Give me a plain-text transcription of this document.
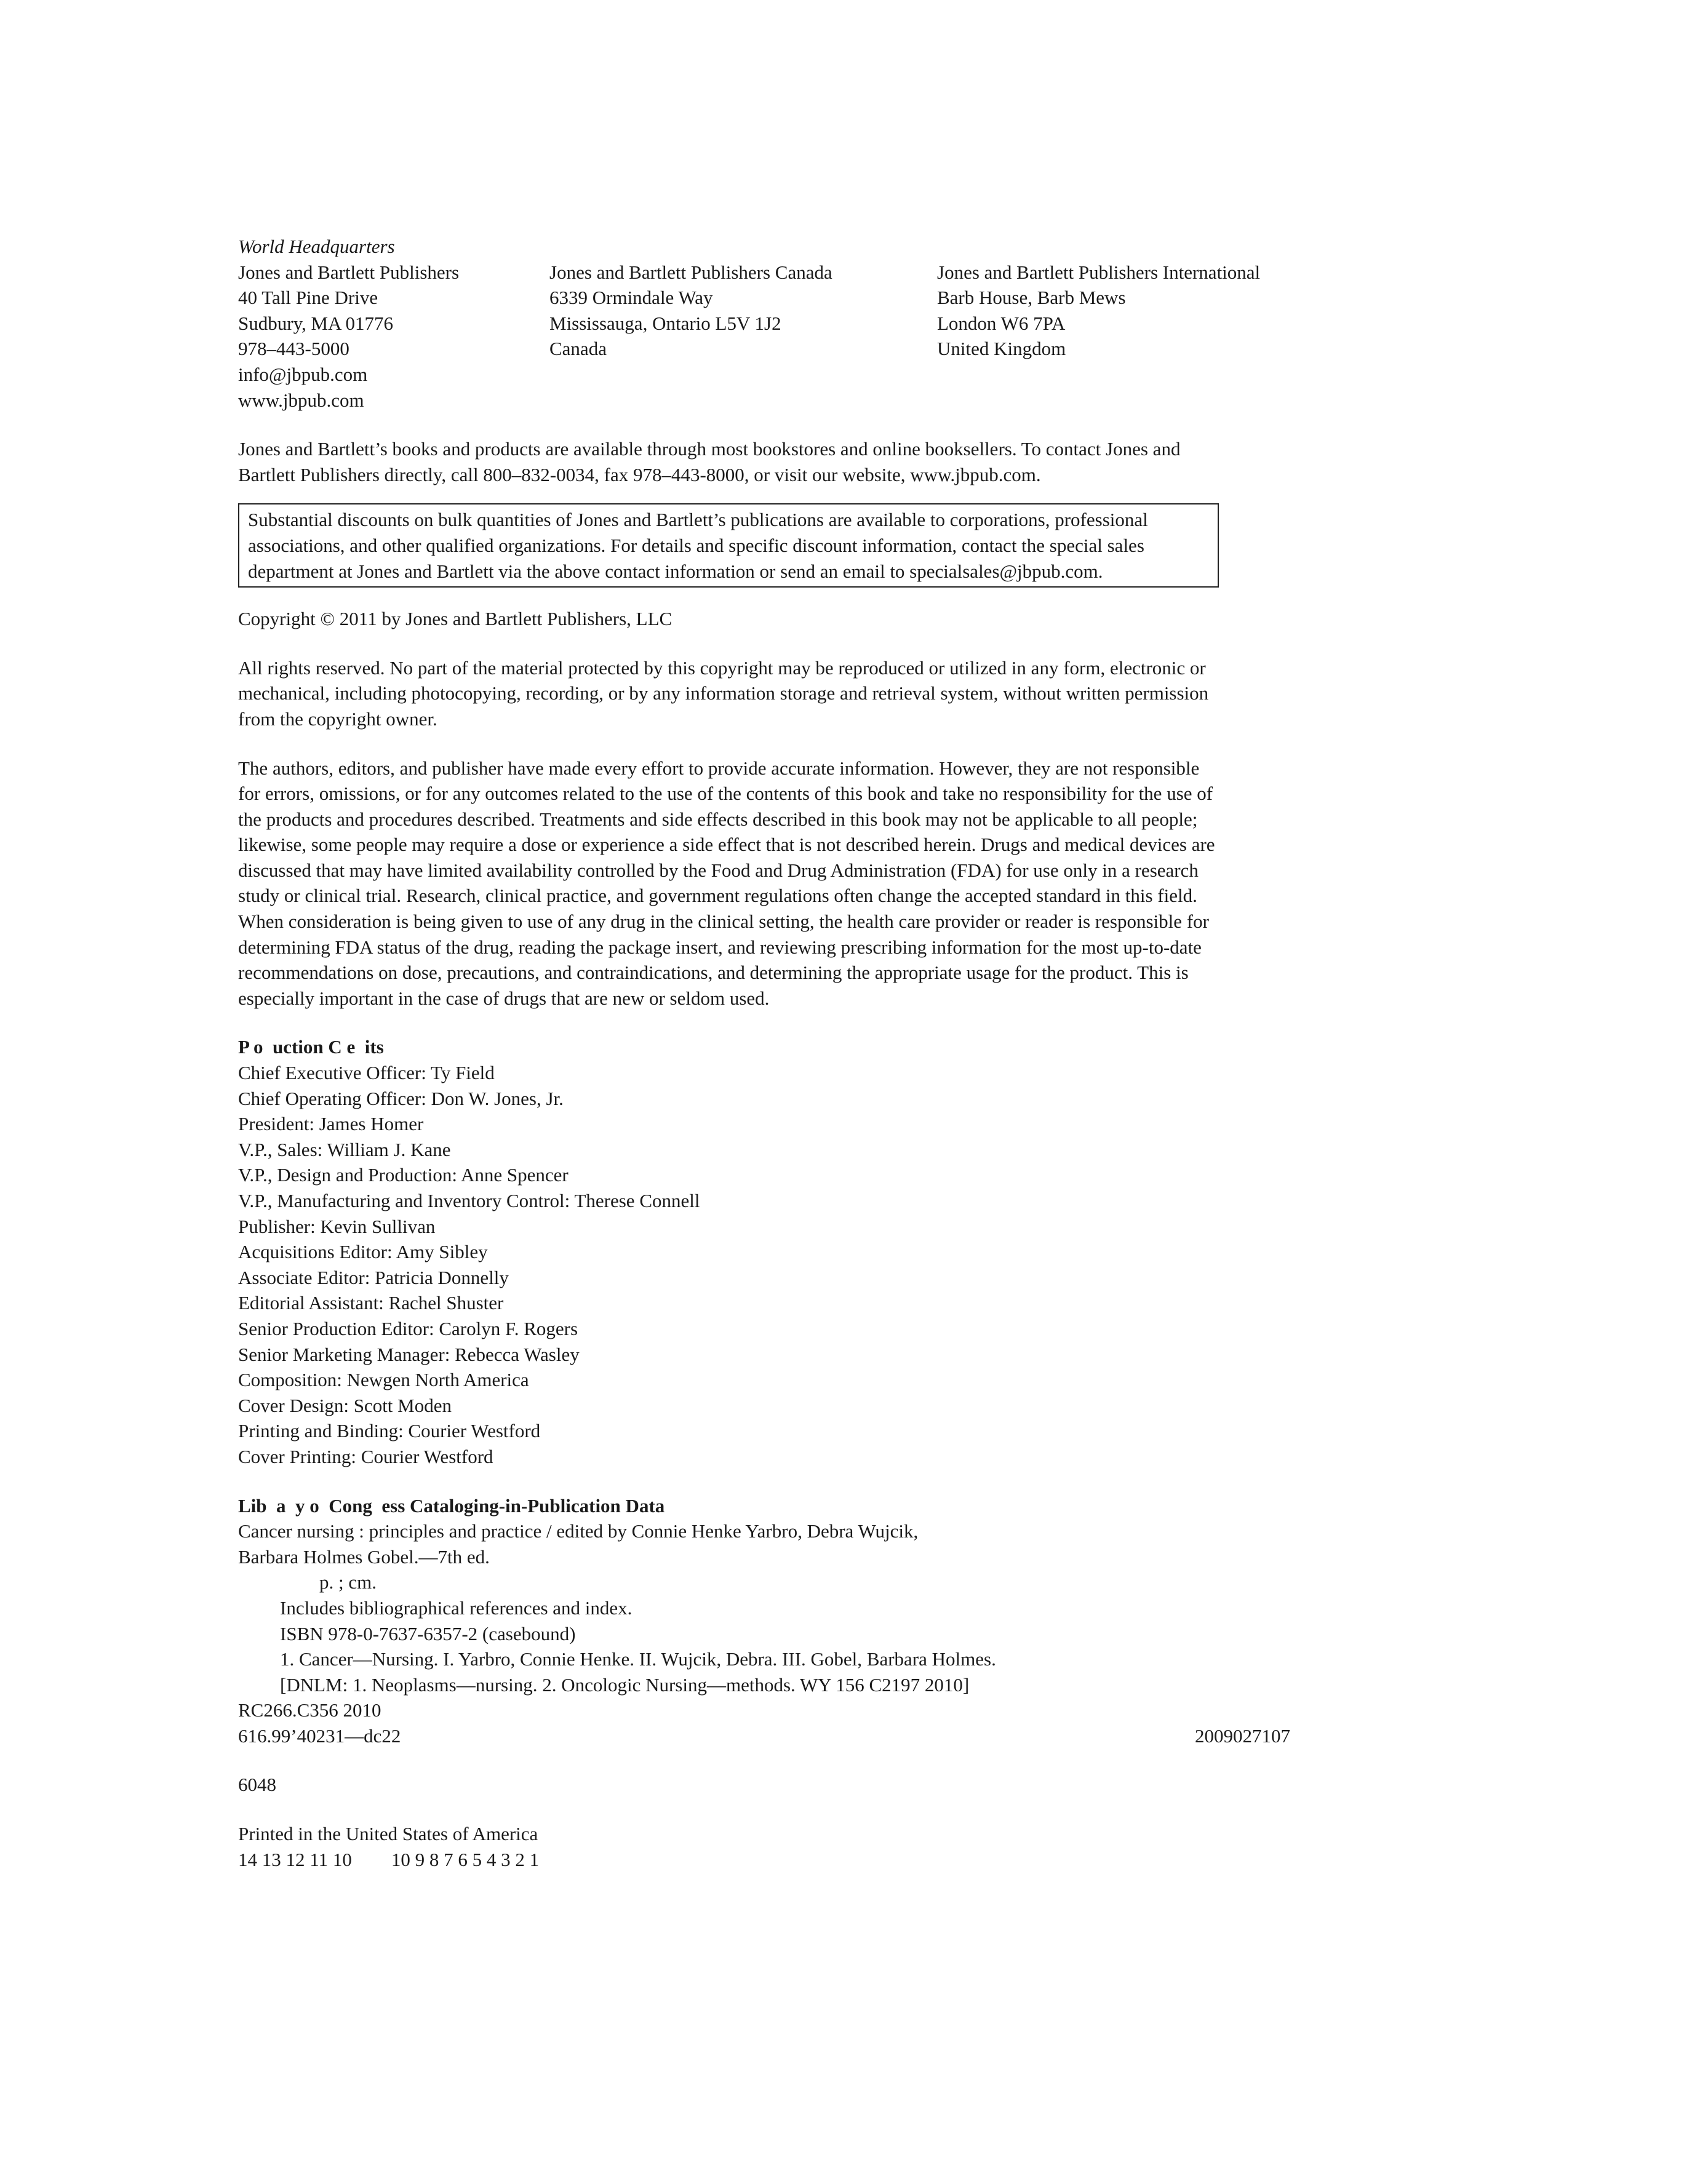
World Headquarters
Jones and Bartlett Publishers
40 Tall Pine Drive
Sudbury, MA 01776
978–443-5000
info@jbpub.com
www.jbpub.com
Jones and Bartlett Publishers Canada
6339 Ormindale Way
Mississauga, Ontario L5V 1J2
Canada
Jones and Bartlett Publishers International
Barb House, Barb Mews
London W6 7PA
United Kingdom

Jones and Bartlett’s books and products are available through most bookstores and online booksellers. To contact Jones and
Bartlett Publishers directly, call 800–832-0034, fax 978–443-8000, or visit our website, www.jbpub.com.

Substantial discounts on bulk quantities of Jones and Bartlett’s publications are available to corporations, professional
associations, and other qualified organizations. For details and specific discount information, contact the special sales
department at Jones and Bartlett via the above contact information or send an email to specialsales@jbpub.com.

Copyright © 2011 by Jones and Bartlett Publishers, LLC

All rights reserved. No part of the material protected by this copyright may be reproduced or utilized in any form, electronic or
mechanical, including photocopying, recording, or by any information storage and retrieval system, without written permission
from the copyright owner.

The authors, editors, and publisher have made every effort to provide accurate information. However, they are not responsible
for errors, omissions, or for any outcomes related to the use of the contents of this book and take no responsibility for the use of
the products and procedures described. Treatments and side effects described in this book may not be applicable to all people;
likewise, some people may require a dose or experience a side effect that is not described herein. Drugs and medical devices are
discussed that may have limited availability controlled by the Food and Drug Administration (FDA) for use only in a research
study or clinical trial. Research, clinical practice, and government regulations often change the accepted standard in this field.
When consideration is being given to use of any drug in the clinical setting, the health care provider or reader is responsible for
determining FDA status of the drug, reading the package insert, and reviewing prescribing information for the most up-to-date
recommendations on dose, precautions, and contraindications, and determining the appropriate usage for the product. This is
especially important in the case of drugs that are new or seldom used.

P o  uction C e  its
Chief Executive Officer: Ty Field
Chief Operating Officer: Don W. Jones, Jr.
President: James Homer
V.P., Sales: William J. Kane
V.P., Design and Production: Anne Spencer
V.P., Manufacturing and Inventory Control: Therese Connell
Publisher: Kevin Sullivan
Acquisitions Editor: Amy Sibley
Associate Editor: Patricia Donnelly
Editorial Assistant: Rachel Shuster
Senior Production Editor: Carolyn F. Rogers
Senior Marketing Manager: Rebecca Wasley
Composition: Newgen North America
Cover Design: Scott Moden
Printing and Binding: Courier Westford
Cover Printing: Courier Westford
Lib  a  y o  Cong  ess Cataloging-in-Publication Data
Cancer nursing : principles and practice / edited by Connie Henke Yarbro, Debra Wujcik,
Barbara Holmes Gobel.—7th ed.
p. ; cm.
Includes bibliographical references and index.
ISBN 978-0-7637-6357-2 (casebound)
1. Cancer—Nursing. I. Yarbro, Connie Henke. II. Wujcik, Debra. III. Gobel, Barbara Holmes.
[DNLM: 1. Neoplasms—nursing. 2. Oncologic Nursing—methods. WY 156 C2197 2010]
RC266.C356 2010
616.99’40231—dc22	2009027107

6048

Printed in the United States of America
14 13 12 11 10 10 9 8 7 6 5 4 3 2 1
